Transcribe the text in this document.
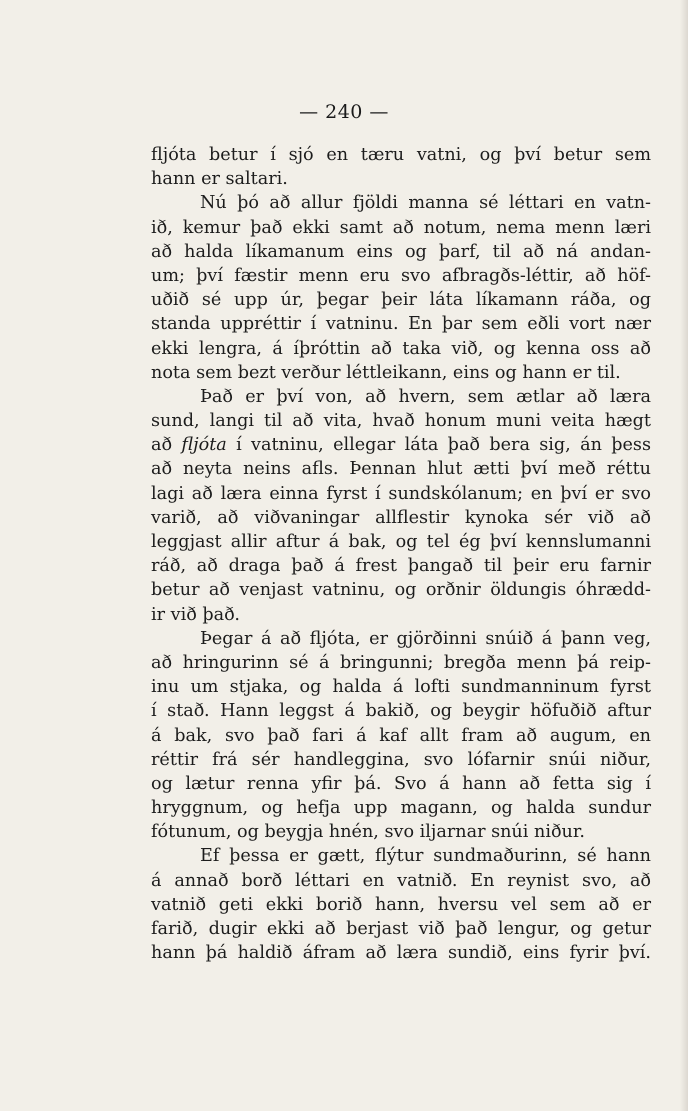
— 240 —
fljóta betur í sjó en tæru vatni, og því betur sem
hann er saltari.
Nú þó að allur fjöldi manna sé léttari en vatn-
ið, kemur það ekki samt að notum, nema menn læri
að halda líkamanum eins og þarf, til að ná andan-
um; því fæstir menn eru svo afbragðs-léttir, að höf-
uðið sé upp úr, þegar þeir láta líkamann ráða, og
standa uppréttir í vatninu. En þar sem eðli vort nær
ekki lengra, á íþróttin að taka við, og kenna oss að
nota sem bezt verður léttleikann, eins og hann er til.
Það er því von, að hvern, sem ætlar að læra
sund, langi til að vita, hvað honum muni veita hægt
að fljóta í vatninu, ellegar láta það bera sig, án þess
að neyta neins afls. Þennan hlut ætti því með réttu
lagi að læra einna fyrst í sundskólanum; en því er svo
varið, að viðvaningar allflestir kynoka sér við að
leggjast allir aftur á bak, og tel ég því kennslumanni
ráð, að draga það á frest þangað til þeir eru farnir
betur að venjast vatninu, og orðnir öldungis óhrædd-
ir við það.
Þegar á að fljóta, er gjörðinni snúið á þann veg,
að hringurinn sé á bringunni; bregða menn þá reip-
inu um stjaka, og halda á lofti sundmanninum fyrst
í stað. Hann leggst á bakið, og beygir höfuðið aftur
á bak, svo það fari á kaf allt fram að augum, en
réttir frá sér handleggina, svo lófarnir snúi niður,
og lætur renna yfir þá. Svo á hann að fetta sig í
hryggnum, og hefja upp magann, og halda sundur
fótunum, og beygja hnén, svo iljarnar snúi niður.
Ef þessa er gætt, flýtur sundmaðurinn, sé hann
á annað borð léttari en vatnið. En reynist svo, að
vatnið geti ekki borið hann, hversu vel sem að er
farið, dugir ekki að berjast við það lengur, og getur
hann þá haldið áfram að læra sundið, eins fyrir því.
